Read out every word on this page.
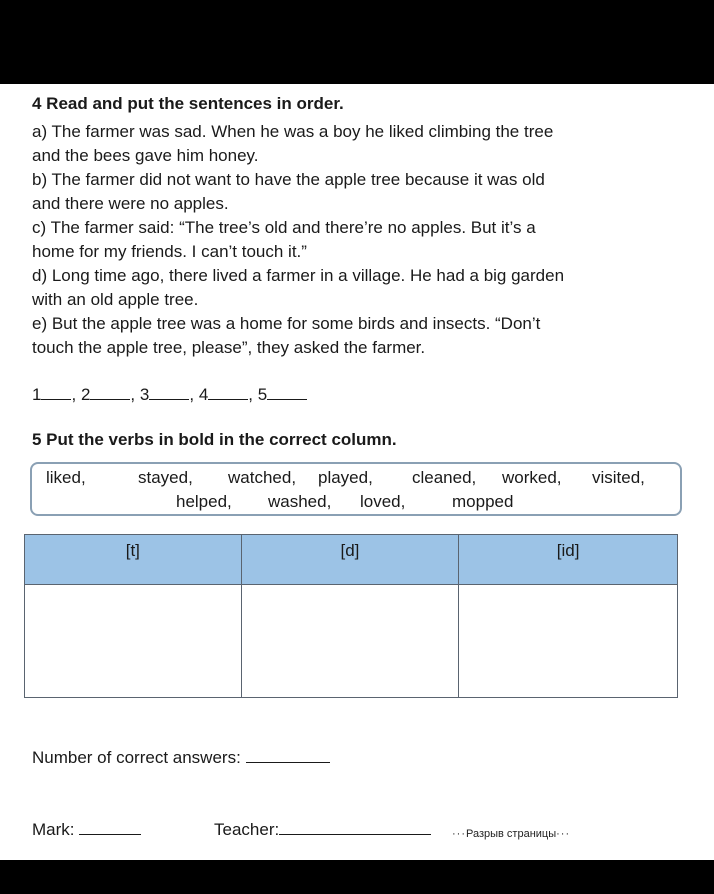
4 Read and put the sentences in order.
a) The farmer was sad. When he was a boy he liked climbing the tree
and the bees gave him honey.
b) The farmer did not want to have the apple tree because it was old
and there were no apples.
c) The farmer said: “The tree’s old and there’re no apples. But it’s a
home for my friends. I can’t touch it.”
d) Long time ago, there lived a farmer in a village. He had a big garden
with an old apple tree.
e) But the apple tree was a home for some birds and insects. “Don’t
touch the apple tree, please”, they asked the farmer.
1 , 2 , 3 , 4 , 5
5 Put the verbs in bold in the correct column.
liked,	stayed, watched, played, cleaned, worked, visited,
helped, washed, loved,	mopped
[t]	[d]	[id]

Number of correct answers:
Mark:	Teacher:	···Разрыв страницы···
